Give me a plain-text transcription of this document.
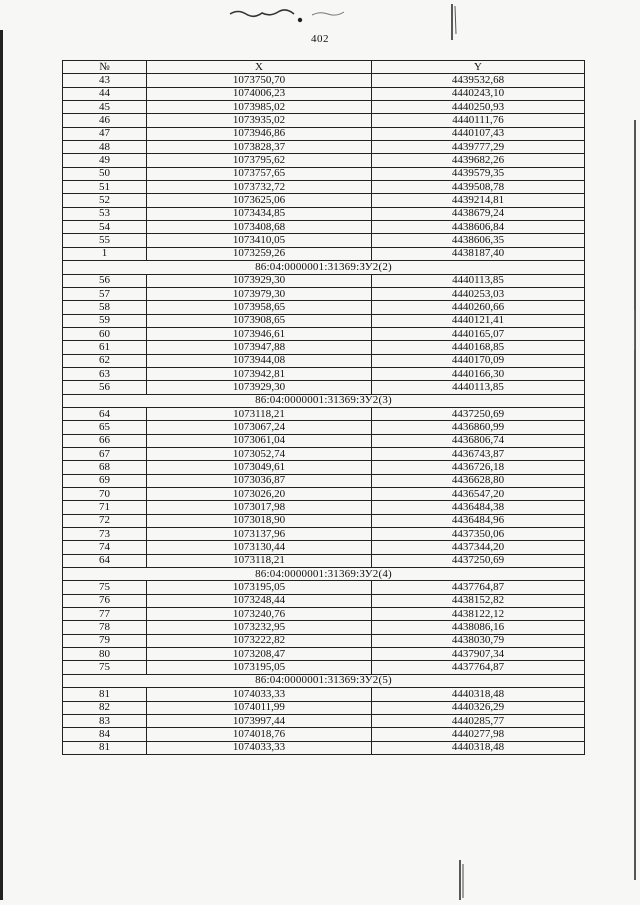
402
№	X	Y
43	1073750,70	4439532,68
44	1074006,23	4440243,10
45	1073985,02	4440250,93
46	1073935,02	4440111,76
47	1073946,86	4440107,43
48	1073828,37	4439777,29
49	1073795,62	4439682,26
50	1073757,65	4439579,35
51	1073732,72	4439508,78
52	1073625,06	4439214,81
53	1073434,85	4438679,24
54	1073408,68	4438606,84
55	1073410,05	4438606,35
1	1073259,26	4438187,40
86:04:0000001:31369:ЗУ2(2)		
56	1073929,30	4440113,85
57	1073979,30	4440253,03
58	1073958,65	4440260,66
59	1073908,65	4440121,41
60	1073946,61	4440165,07
61	1073947,88	4440168,85
62	1073944,08	4440170,09
63	1073942,81	4440166,30
56	1073929,30	4440113,85
86:04:0000001:31369:ЗУ2(3)		
64	1073118,21	4437250,69
65	1073067,24	4436860,99
66	1073061,04	4436806,74
67	1073052,74	4436743,87
68	1073049,61	4436726,18
69	1073036,87	4436628,80
70	1073026,20	4436547,20
71	1073017,98	4436484,38
72	1073018,90	4436484,96
73	1073137,96	4437350,06
74	1073130,44	4437344,20
64	1073118,21	4437250,69
86:04:0000001:31369:ЗУ2(4)		
75	1073195,05	4437764,87
76	1073248,44	4438152,82
77	1073240,76	4438122,12
78	1073232,95	4438086,16
79	1073222,82	4438030,79
80	1073208,47	4437907,34
75	1073195,05	4437764,87
86:04:0000001:31369:ЗУ2(5)		
81	1074033,33	4440318,48
82	1074011,99	4440326,29
83	1073997,44	4440285,77
84	1074018,76	4440277,98
81	1074033,33	4440318,48
